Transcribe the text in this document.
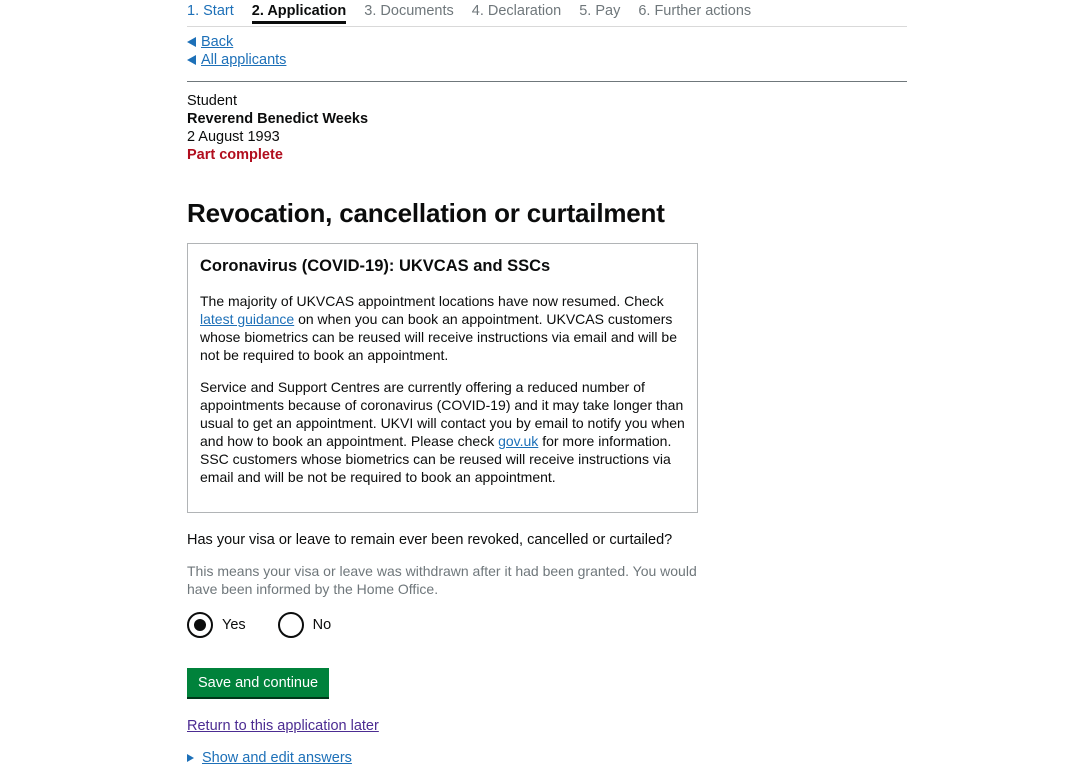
1. Start 2. Application 3. Documents 4. Declaration 5. Pay 6. Further actions
Back
All applicants
Student
Reverend Benedict Weeks
2 August 1993
Part complete
Revocation, cancellation or curtailment
Coronavirus (COVID-19): UKVCAS and SSCs

The majority of UKVCAS appointment locations have now resumed. Check latest guidance on when you can book an appointment. UKVCAS customers whose biometrics can be reused will receive instructions via email and will be not be required to book an appointment.

Service and Support Centres are currently offering a reduced number of appointments because of coronavirus (COVID-19) and it may take longer than usual to get an appointment. UKVI will contact you by email to notify you when and how to book an appointment. Please check gov.uk for more information. SSC customers whose biometrics can be reused will receive instructions via email and will be not be required to book an appointment.

Has your visa or leave to remain ever been revoked, cancelled or curtailed?
This means your visa or leave was withdrawn after it had been granted. You would have been informed by the Home Office.
Yes	No
Save and continue
Return to this application later
Show and edit answers
